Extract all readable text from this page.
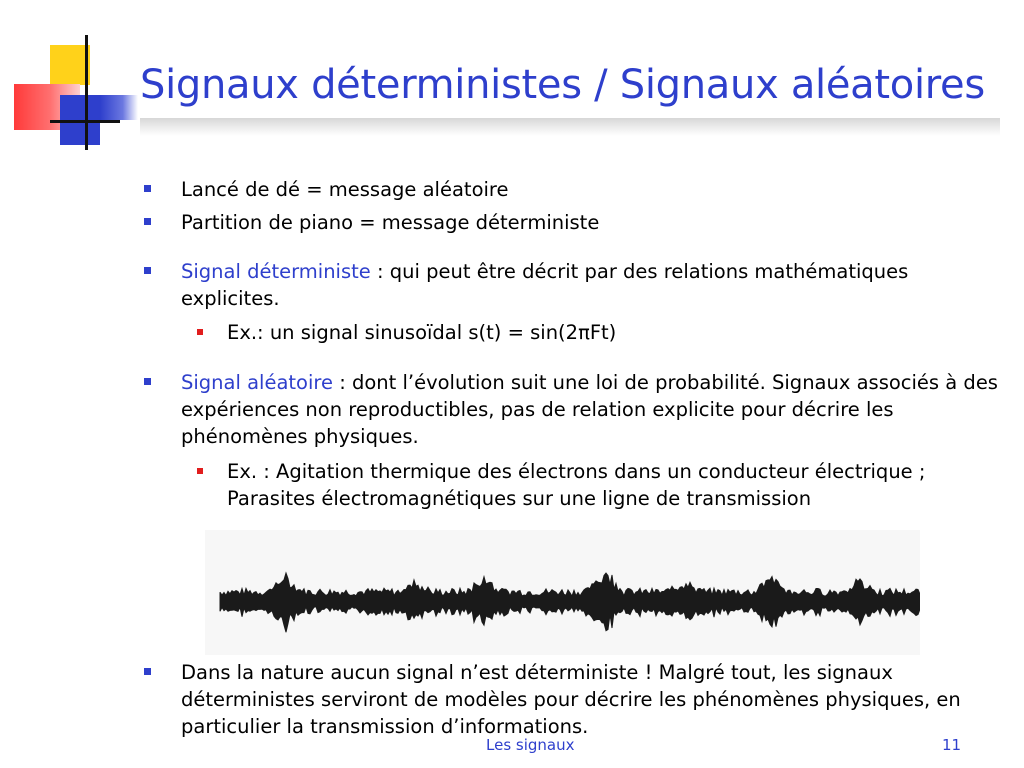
Signaux déterministes / Signaux aléatoires
Lancé de dé = message aléatoire
Partition de piano = message déterministe
Signal déterministe : qui peut être décrit par des relations mathématiques explicites.
Ex.: un signal sinusoïdal s(t) = sin(2πFt)
Signal aléatoire : dont l’évolution suit une loi de probabilité. Signaux associés à des expériences non reproductibles, pas de relation explicite pour décrire les phénomènes physiques.
Ex. : Agitation thermique des électrons dans un conducteur électrique ; Parasites électromagnétiques sur une ligne de transmission
Dans la nature aucun signal n’est déterministe ! Malgré tout, les signaux déterministes serviront de modèles pour décrire les phénomènes physiques, en particulier la transmission d’informations.
Les signaux	11
